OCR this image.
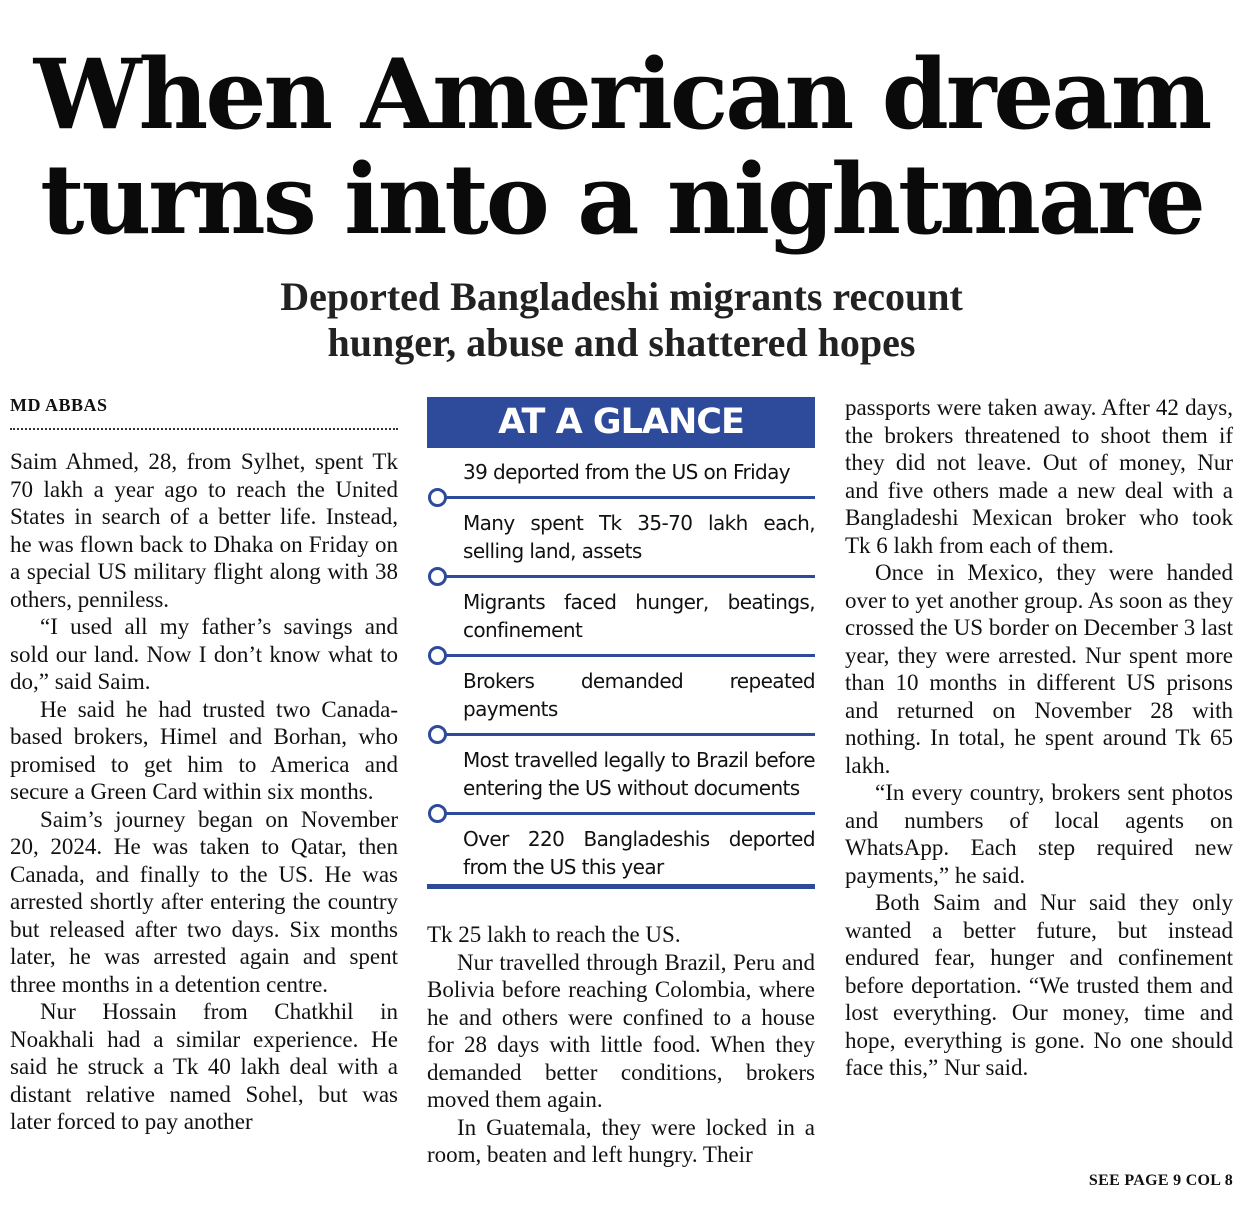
When American dream
turns into a nightmare
Deported Bangladeshi migrants recount
hunger, abuse and shattered hopes
MD ABBAS

Saim Ahmed, 28, from Sylhet, spent Tk 70 lakh a year ago to reach the United States in search of a better life. Instead, he was flown back to Dhaka on Friday on a special US military flight along with 38 others, penniless.

“I used all my father’s savings and sold our land. Now I don’t know what to do,” said Saim.

He said he had trusted two Canada-based brokers, Himel and Borhan, who promised to get him to America and secure a Green Card within six months.

Saim’s journey began on November 20, 2024. He was taken to Qatar, then Canada, and finally to the US. He was arrested shortly after entering the country but released after two days. Six months later, he was arrested again and spent three months in a detention centre.

Nur Hossain from Chatkhil in Noakhali had a similar experience. He said he struck a Tk 40 lakh deal with a distant relative named Sohel, but was later forced to pay another

AT A GLANCE
39 deported from the US on Friday
Many spent Tk 35-70 lakh each, selling land, assets
Migrants faced hunger, beatings, confinement
Brokers demanded repeated payments
Most travelled legally to Brazil before entering the US without documents
Over 220 Bangladeshis deported from the US this year

Tk 25 lakh to reach the US.

Nur travelled through Brazil, Peru and Bolivia before reaching Colombia, where he and others were confined to a house for 28 days with little food. When they demanded better conditions, brokers moved them again.

In Guatemala, they were locked in a room, beaten and left hungry. Their

passports were taken away. After 42 days, the brokers threatened to shoot them if they did not leave. Out of money, Nur and five others made a new deal with a Bangladeshi Mexican broker who took Tk 6 lakh from each of them.

Once in Mexico, they were handed over to yet another group. As soon as they crossed the US border on December 3 last year, they were arrested. Nur spent more than 10 months in different US prisons and returned on November 28 with nothing. In total, he spent around Tk 65 lakh.

“In every country, brokers sent photos and numbers of local agents on WhatsApp. Each step required new payments,” he said.

Both Saim and Nur said they only wanted a better future, but instead endured fear, hunger and confinement before deportation. “We trusted them and lost everything. Our money, time and hope, everything is gone. No one should face this,” Nur said.

SEE PAGE 9 COL 8
